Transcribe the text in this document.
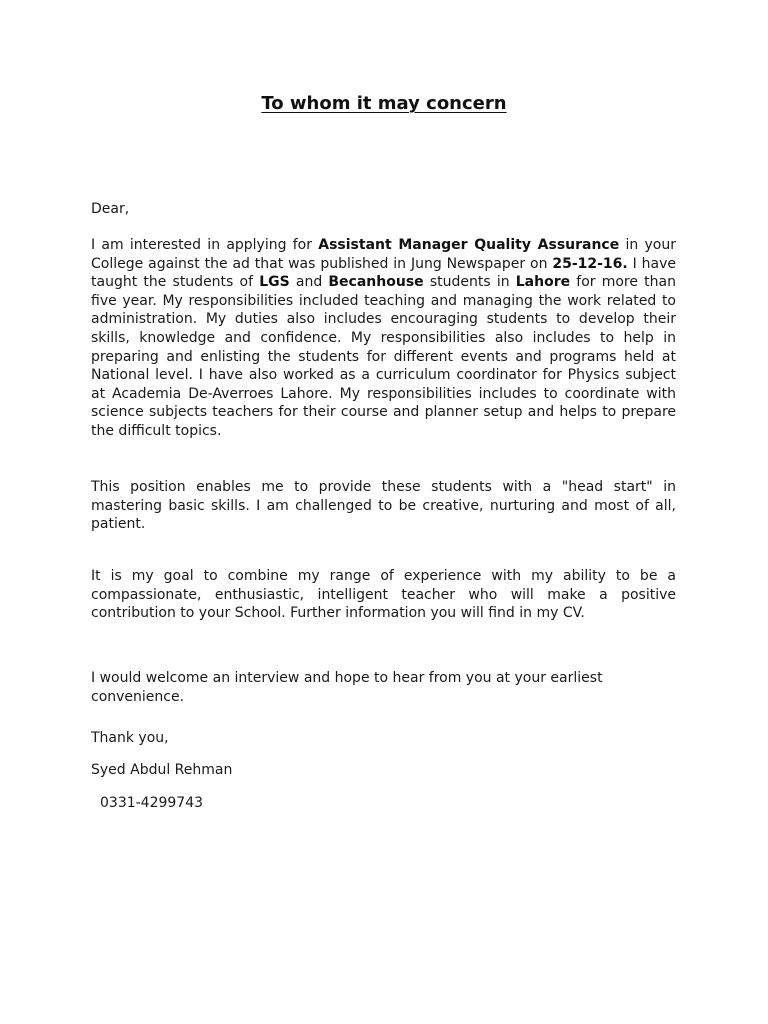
To whom it may concern

Dear,

I am interested in applying for Assistant Manager Quality Assurance in your College against the ad that was published in Jung Newspaper on 25-12-16. I have taught the students of LGS and Becanhouse students in Lahore for more than five year. My responsibilities included teaching and managing the work related to administration. My duties also includes encouraging students to develop their skills, knowledge and confidence. My responsibilities also includes to help in preparing and enlisting the students for different events and programs held at National level. I have also worked as a curriculum coordinator for Physics subject at Academia De-Averroes Lahore. My responsibilities includes to coordinate with science subjects teachers for their course and planner setup and helps to prepare the difficult topics.

This position enables me to provide these students with a "head start" in mastering basic skills. I am challenged to be creative, nurturing and most of all, patient.

It is my goal to combine my range of experience with my ability to be a compassionate, enthusiastic, intelligent teacher who will make a positive contribution to your School. Further information you will find in my CV.

I would welcome an interview and hope to hear from you at your earliest convenience.

Thank you,

Syed Abdul Rehman

0331-4299743
